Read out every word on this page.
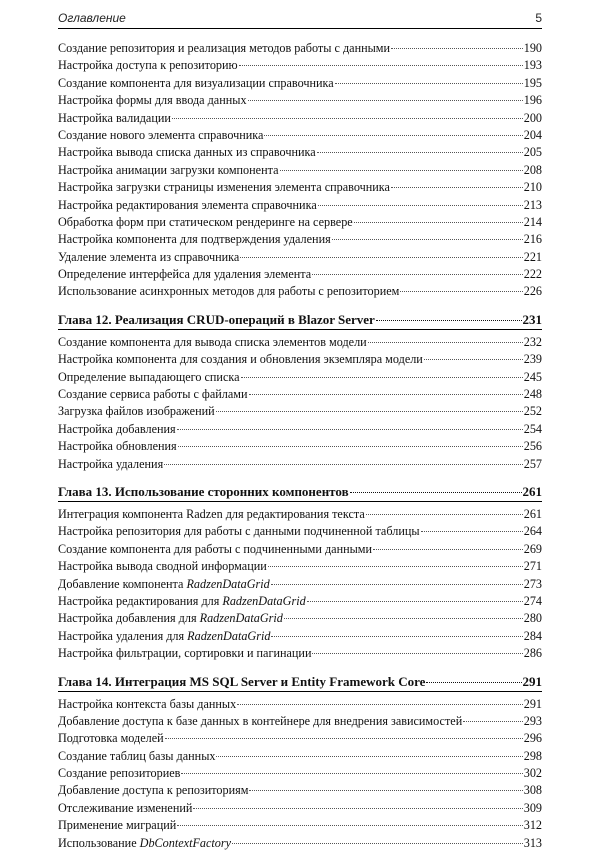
Оглавление	5
Создание репозитория и реализация методов работы с данными	190
Настройка доступа к репозиторию	193
Создание компонента для визуализации справочника	195
Настройка формы для ввода данных	196
Настройка валидации	200
Создание нового элемента справочника	204
Настройка вывода списка данных из справочника	205
Настройка анимации загрузки компонента	208
Настройка загрузки страницы изменения элемента справочника	210
Настройка редактирования элемента справочника	213
Обработка форм при статическом рендеринге на сервере	214
Настройка компонента для подтверждения удаления	216
Удаление элемента из справочника	221
Определение интерфейса для удаления элемента	222
Использование асинхронных методов для работы с репозиторием	226
Глава 12. Реализация CRUD-операций в Blazor Server	231
Создание компонента для вывода списка элементов модели	232
Настройка компонента для создания и обновления экземпляра модели	239
Определение выпадающего списка	245
Создание сервиса работы с файлами	248
Загрузка файлов изображений	252
Настройка добавления	254
Настройка обновления	256
Настройка удаления	257
Глава 13. Использование сторонних компонентов	261
Интеграция компонента Radzen для редактирования текста	261
Настройка репозитория для работы с данными подчиненной таблицы	264
Создание компонента для работы с подчиненными данными	269
Настройка вывода сводной информации	271
Добавление компонента RadzenDataGrid	273
Настройка редактирования для RadzenDataGrid	274
Настройка добавления для RadzenDataGrid	280
Настройка удаления для RadzenDataGrid	284
Настройка фильтрации, сортировки и пагинации	286
Глава 14. Интеграция MS SQL Server и Entity Framework Core	291
Настройка контекста базы данных	291
Добавление доступа к базе данных в контейнере для внедрения зависимостей	293
Подготовка моделей	296
Создание таблиц базы данных	298
Создание репозиториев	302
Добавление доступа к репозиториям	308
Отслеживание изменений	309
Применение миграций	312
Использование DbContextFactory	313
